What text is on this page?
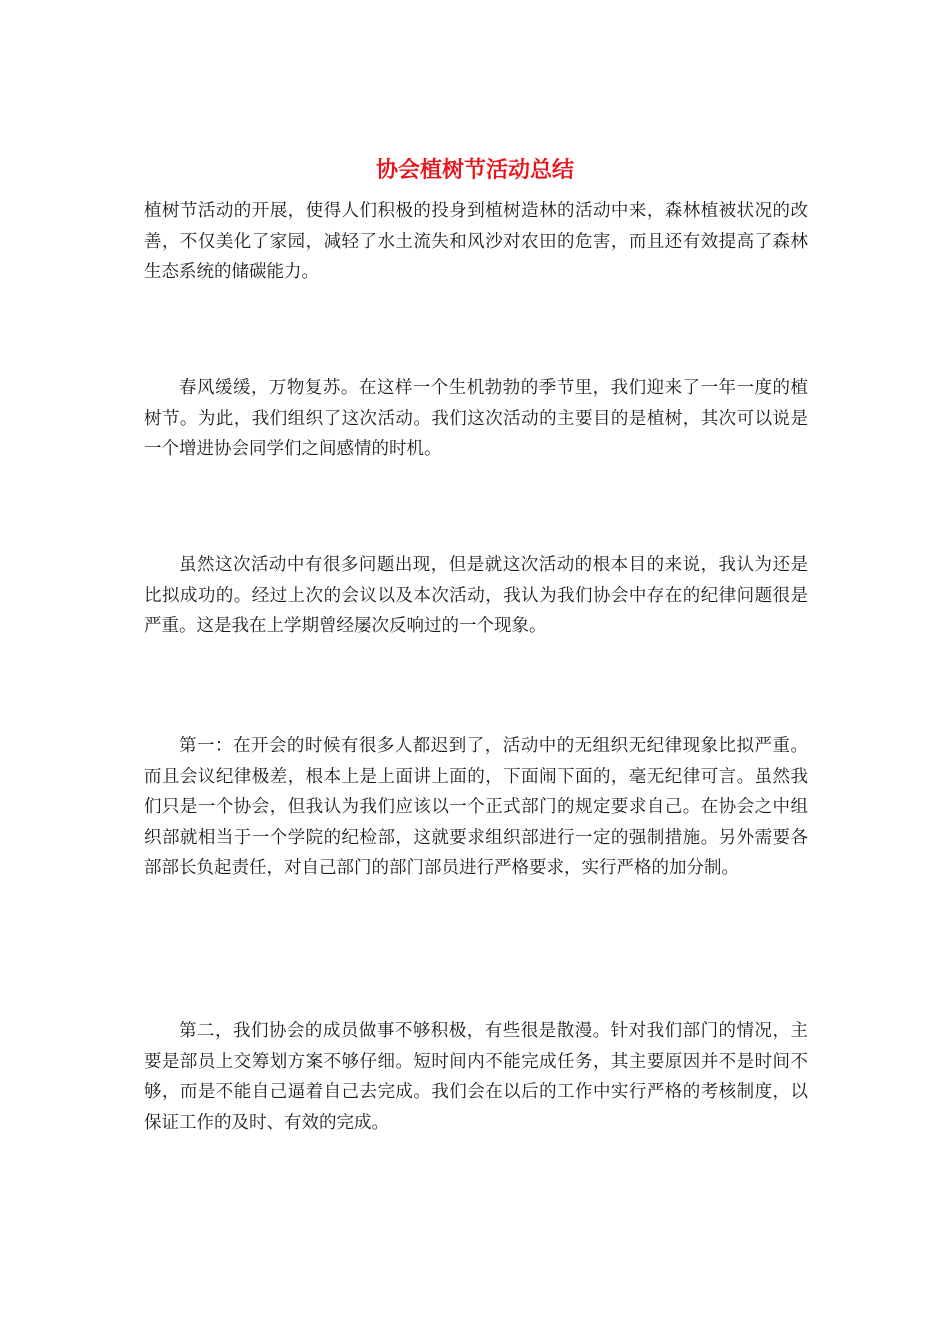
协会植树节活动总结

植树节活动的开展，使得人们积极的投身到植树造林的活动中来，森林植被状况的改善，不仅美化了家园，减轻了水土流失和风沙对农田的危害，而且还有效提高了森林生态系统的储碳能力。

春风缓缓，万物复苏。在这样一个生机勃勃的季节里，我们迎来了一年一度的植树节。为此，我们组织了这次活动。我们这次活动的主要目的是植树，其次可以说是一个增进协会同学们之间感情的时机。

虽然这次活动中有很多问题出现，但是就这次活动的根本目的来说，我认为还是比拟成功的。经过上次的会议以及本次活动，我认为我们协会中存在的纪律问题很是严重。这是我在上学期曾经屡次反响过的一个现象。

第一：在开会的时候有很多人都迟到了，活动中的无组织无纪律现象比拟严重。而且会议纪律极差，根本上是上面讲上面的，下面闹下面的，毫无纪律可言。虽然我们只是一个协会，但我认为我们应该以一个正式部门的规定要求自己。在协会之中组织部就相当于一个学院的纪检部，这就要求组织部进行一定的强制措施。另外需要各部部长负起责任，对自己部门的部门部员进行严格要求，实行严格的加分制。

第二，我们协会的成员做事不够积极，有些很是散漫。针对我们部门的情况，主要是部员上交筹划方案不够仔细。短时间内不能完成任务，其主要原因并不是时间不够，而是不能自己逼着自己去完成。我们会在以后的工作中实行严格的考核制度，以保证工作的及时、有效的完成。
